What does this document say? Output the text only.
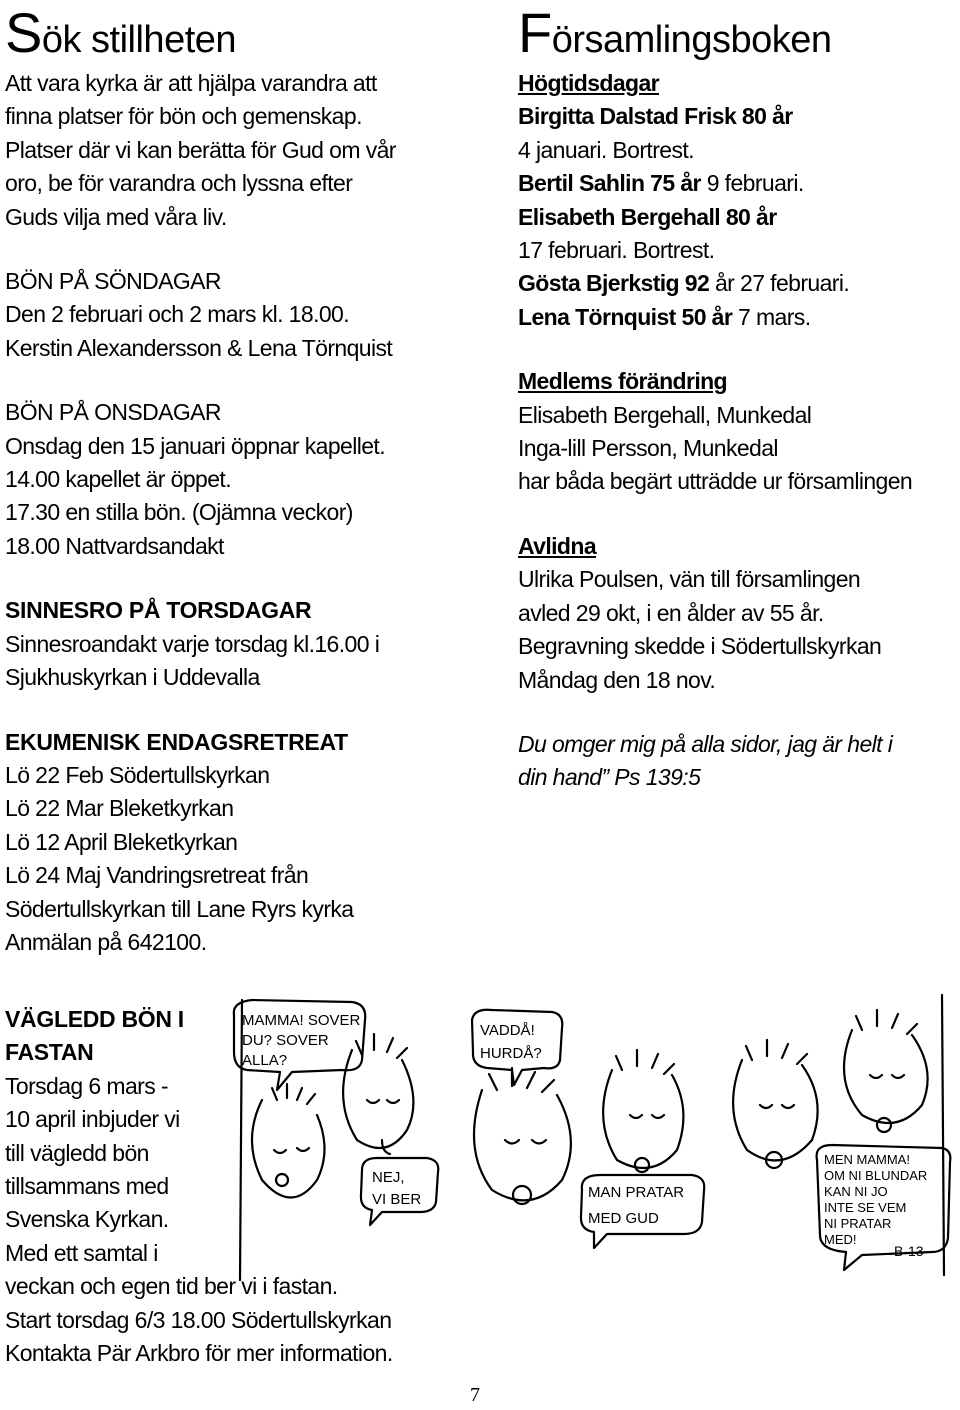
Sök stillheten

Att vara kyrka är att hjälpa varandra att

finna platser för bön och gemenskap.

Platser där vi kan berätta för Gud om vår

oro, be för varandra och lyssna efter

Guds vilja med våra liv.

BÖN PÅ SÖNDAGAR

Den 2 februari och 2 mars kl. 18.00.

Kerstin Alexandersson & Lena Törnquist

BÖN PÅ ONSDAGAR

Onsdag den 15 januari öppnar kapellet.

14.00 kapellet är öppet.

17.30 en stilla bön. (Ojämna veckor)

18.00 Nattvardsandakt

SINNESRO PÅ TORSDAGAR

Sinnesroandakt varje torsdag kl.16.00 i

Sjukhuskyrkan i Uddevalla

EKUMENISK ENDAGSRETREAT

Lö 22 Feb Södertullskyrkan

Lö 22 Mar Bleketkyrkan

Lö 12 April Bleketkyrkan

Lö 24 Maj Vandringsretreat från

Södertullskyrkan till Lane Ryrs kyrka

Anmälan på 642100.

Församlingsboken

Högtidsdagar

Birgitta Dalstad Frisk 80 år

4 januari. Bortrest.

Bertil Sahlin 75 år 9 februari.

Elisabeth Bergehall 80 år

17 februari. Bortrest.

Gösta Bjerkstig 92 år 27 februari.

Lena Törnquist 50 år 7 mars.

Medlems förändring

Elisabeth Bergehall, Munkedal

Inga-lill Persson, Munkedal

har båda begärt utträdde ur församlingen

Avlidna

Ulrika Poulsen, vän till församlingen

avled 29 okt, i en ålder av 55 år.

Begravning skedde i Södertullskyrkan

Måndag den 18 nov.

Du omger mig på alla sidor, jag är helt i

din hand” Ps 139:5

VÄGLEDD BÖN I

FASTAN

Torsdag 6 mars -

10 april inbjuder vi

till vägledd bön

tillsammans med

Svenska Kyrkan.

Med ett samtal i

veckan och egen tid ber vi i fastan.

Start torsdag 6/3 18.00 Södertullskyrkan

Kontakta Pär Arkbro för mer information.

MAMMA! SOVER
DU? SOVER
ALLA?
VADDÅ!
HURDÅ?
NEJ,
VI BER	MAN PRATAR
MED GUD
MEN MAMMA!
OM NI BLUNDAR
KAN NI JO
INTE SE VEM
NI PRATAR
MED!
B-13
7
